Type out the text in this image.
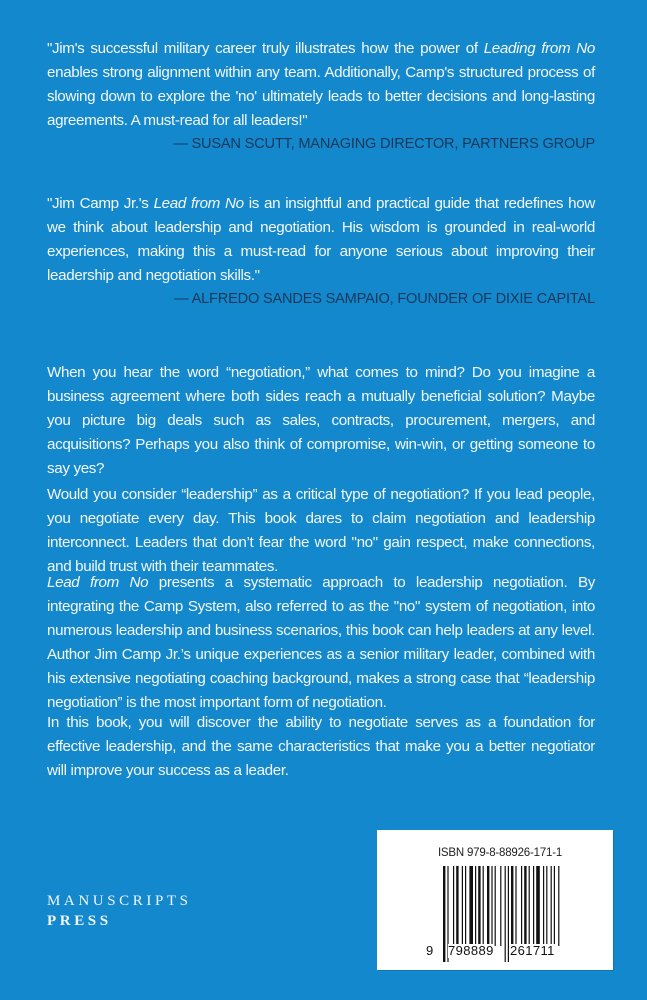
"Jim's successful military career truly illustrates how the power of Leading from No enables strong alignment within any team. Additionally, Camp's structured process of slowing down to explore the 'no' ultimately leads to better decisions and long-lasting agreements. A must-read for all leaders!"
— SUSAN SCUTT, MANAGING DIRECTOR, PARTNERS GROUP
"Jim Camp Jr.'s Lead from No is an insightful and practical guide that redefines how we think about leadership and negotiation. His wisdom is grounded in real-world experiences, making this a must-read for anyone serious about improving their leadership and negotiation skills."
— ALFREDO SANDES SAMPAIO, FOUNDER OF DIXIE CAPITAL
When you hear the word “negotiation,” what comes to mind? Do you imagine a business agreement where both sides reach a mutually beneficial solution? Maybe you picture big deals such as sales, contracts, procurement, mergers, and acquisitions? Perhaps you also think of compromise, win-win, or getting someone to say yes?
Would you consider “leadership” as a critical type of negotiation? If you lead people, you negotiate every day. This book dares to claim negotiation and leadership interconnect. Leaders that don’t fear the word "no" gain respect, make connections, and build trust with their teammates.
Lead from No presents a systematic approach to leadership negotiation. By integrating the Camp System, also referred to as the "no" system of negotiation, into numerous leadership and business scenarios, this book can help leaders at any level. Author Jim Camp Jr.’s unique experiences as a senior military leader, combined with his extensive negotiating coaching background, makes a strong case that “leadership negotiation” is the most important form of negotiation.
In this book, you will discover the ability to negotiate serves as a foundation for effective leadership, and the same characteristics that make you a better negotiator will improve your success as a leader.
MANUSCRIPTS
PRESS
ISBN 979-8-88926-171-1
9 798889 261711
